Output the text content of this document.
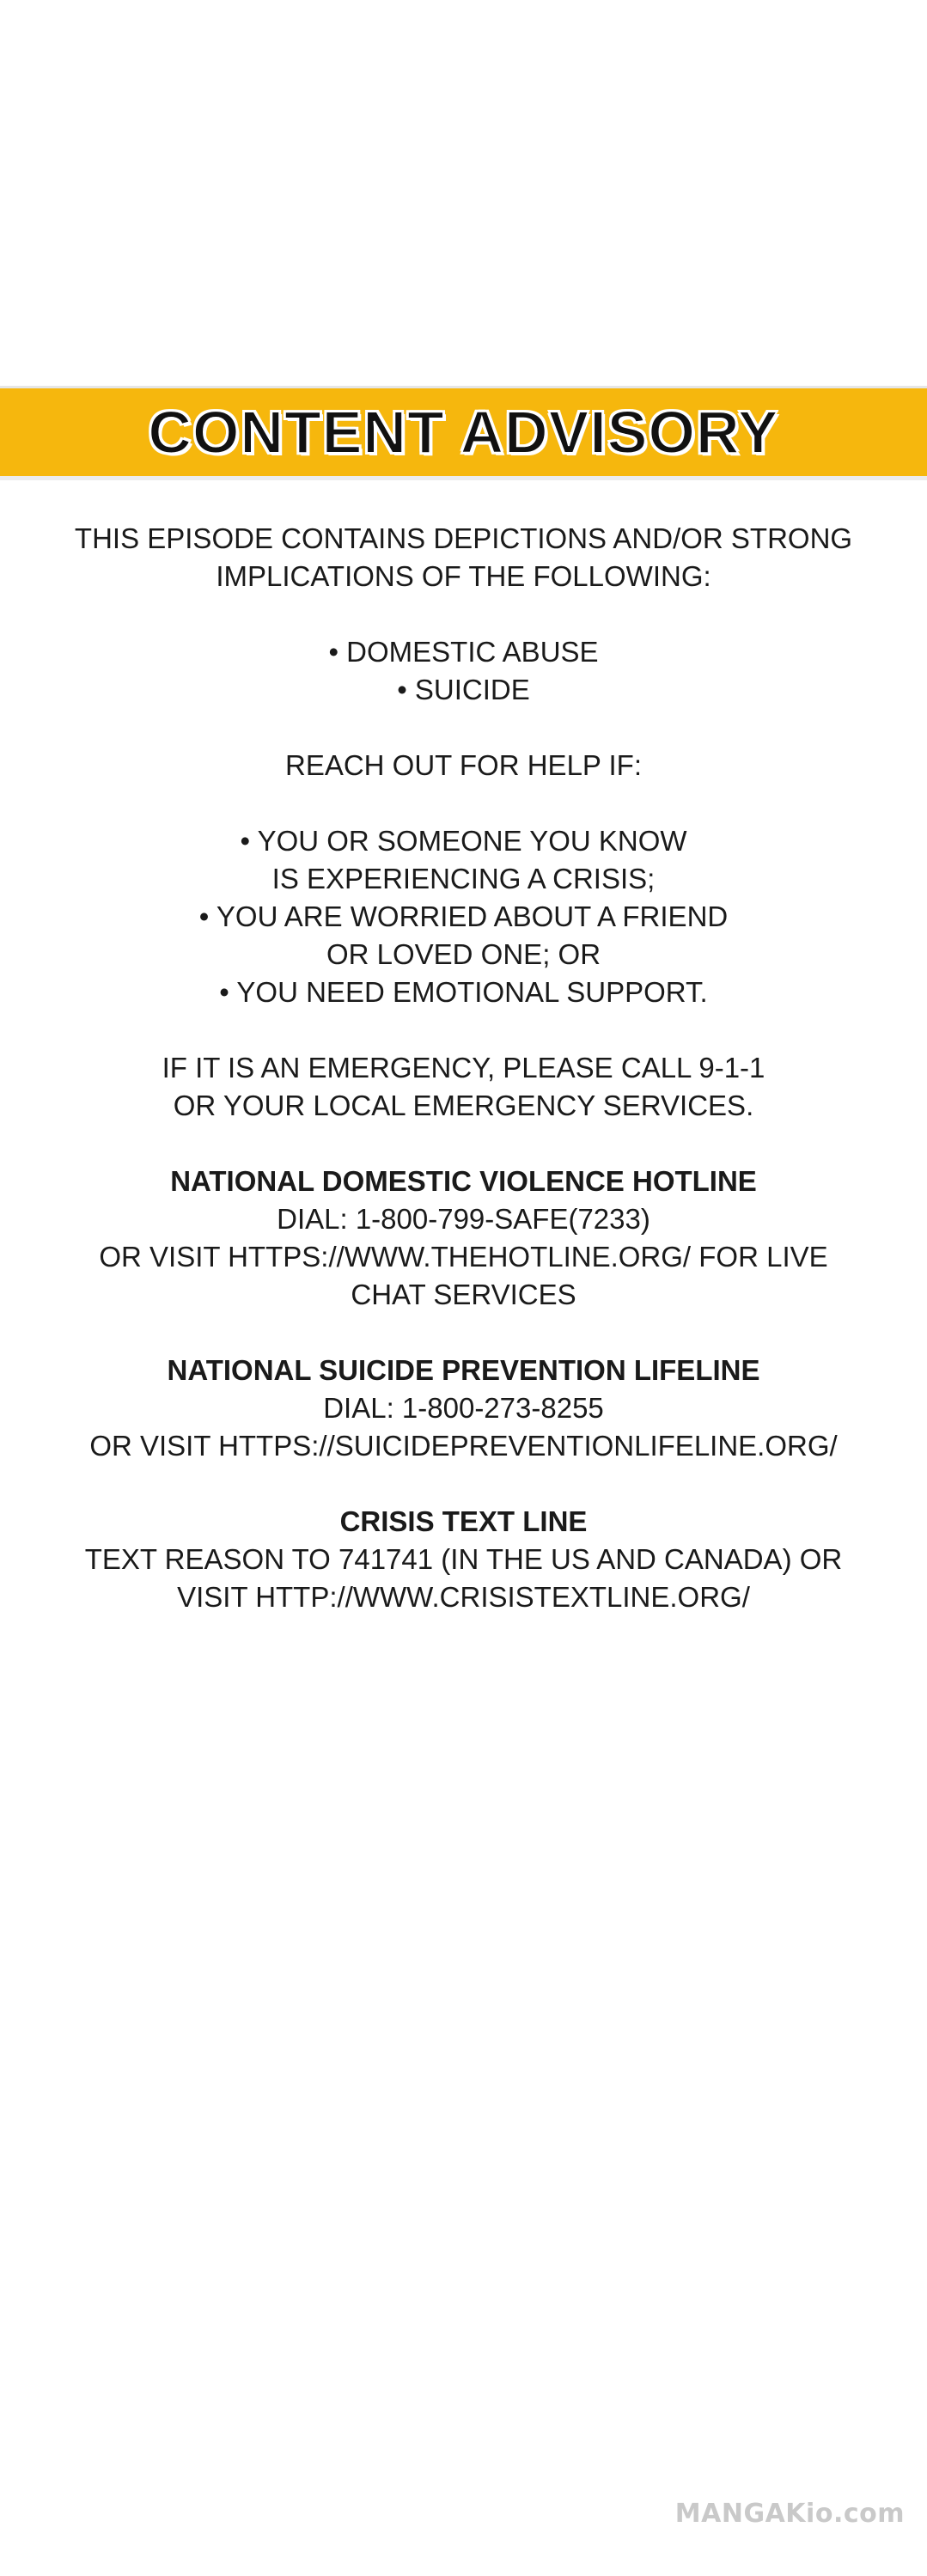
CONTENT ADVISORY
THIS EPISODE CONTAINS DEPICTIONS AND/OR STRONG
IMPLICATIONS OF THE FOLLOWING:
• DOMESTIC ABUSE
• SUICIDE
REACH OUT FOR HELP IF:
• YOU OR SOMEONE YOU KNOW
IS EXPERIENCING A CRISIS;
• YOU ARE WORRIED ABOUT A FRIEND
OR LOVED ONE; OR
• YOU NEED EMOTIONAL SUPPORT.
IF IT IS AN EMERGENCY, PLEASE CALL 9-1-1
OR YOUR LOCAL EMERGENCY SERVICES.
NATIONAL DOMESTIC VIOLENCE HOTLINE
DIAL: 1-800-799-SAFE(7233)
OR VISIT HTTPS://WWW.THEHOTLINE.ORG/ FOR LIVE
CHAT SERVICES
NATIONAL SUICIDE PREVENTION LIFELINE
DIAL: 1-800-273-8255
OR VISIT HTTPS://SUICIDEPREVENTIONLIFELINE.ORG/
CRISIS TEXT LINE
TEXT REASON TO 741741 (IN THE US AND CANADA) OR
VISIT HTTP://WWW.CRISISTEXTLINE.ORG/
MANGAKio.com
